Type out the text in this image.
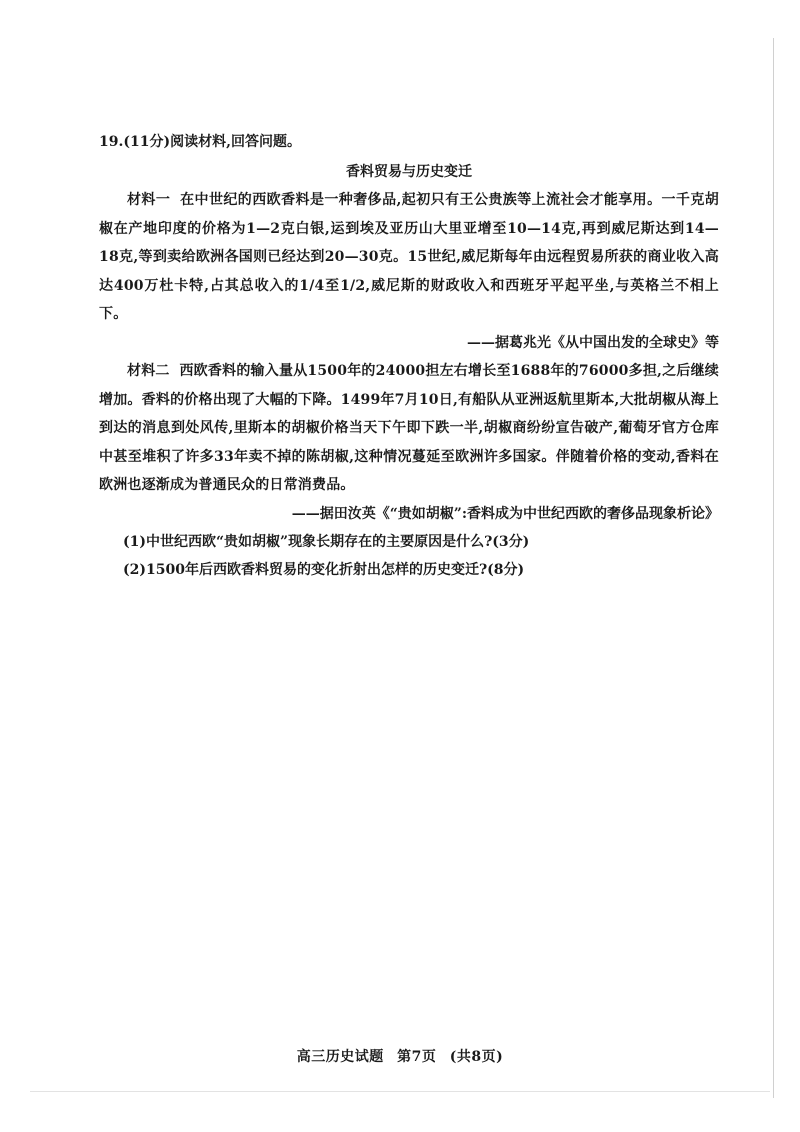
19.(11分)阅读材料,回答问题。

香料贸易与历史变迁

材料一 在中世纪的西欧香料是一种奢侈品,起初只有王公贵族等上流社会才能享用。一千克胡椒在产地印度的价格为1—2克白银,运到埃及亚历山大里亚增至10—14克,再到威尼斯达到14—18克,等到卖给欧洲各国则已经达到20—30克。15世纪,威尼斯每年由远程贸易所获的商业收入高达400万杜卡特,占其总收入的1/4至1/2,威尼斯的财政收入和西班牙平起平坐,与英格兰不相上下。

——据葛兆光《从中国出发的全球史》等

材料二 西欧香料的输入量从1500年的24000担左右增长至1688年的76000多担,之后继续增加。香料的价格出现了大幅的下降。1499年7月10日,有船队从亚洲返航里斯本,大批胡椒从海上到达的消息到处风传,里斯本的胡椒价格当天下午即下跌一半,胡椒商纷纷宣告破产,葡萄牙官方仓库中甚至堆积了许多33年卖不掉的陈胡椒,这种情况蔓延至欧洲许多国家。伴随着价格的变动,香料在欧洲也逐渐成为普通民众的日常消费品。

——据田汝英《“贵如胡椒”:香料成为中世纪西欧的奢侈品现象析论》

(1)中世纪西欧“贵如胡椒”现象长期存在的主要原因是什么?(3分)

(2)1500年后西欧香料贸易的变化折射出怎样的历史变迁?(8分)

高三历史试题 第7页 (共8页)
